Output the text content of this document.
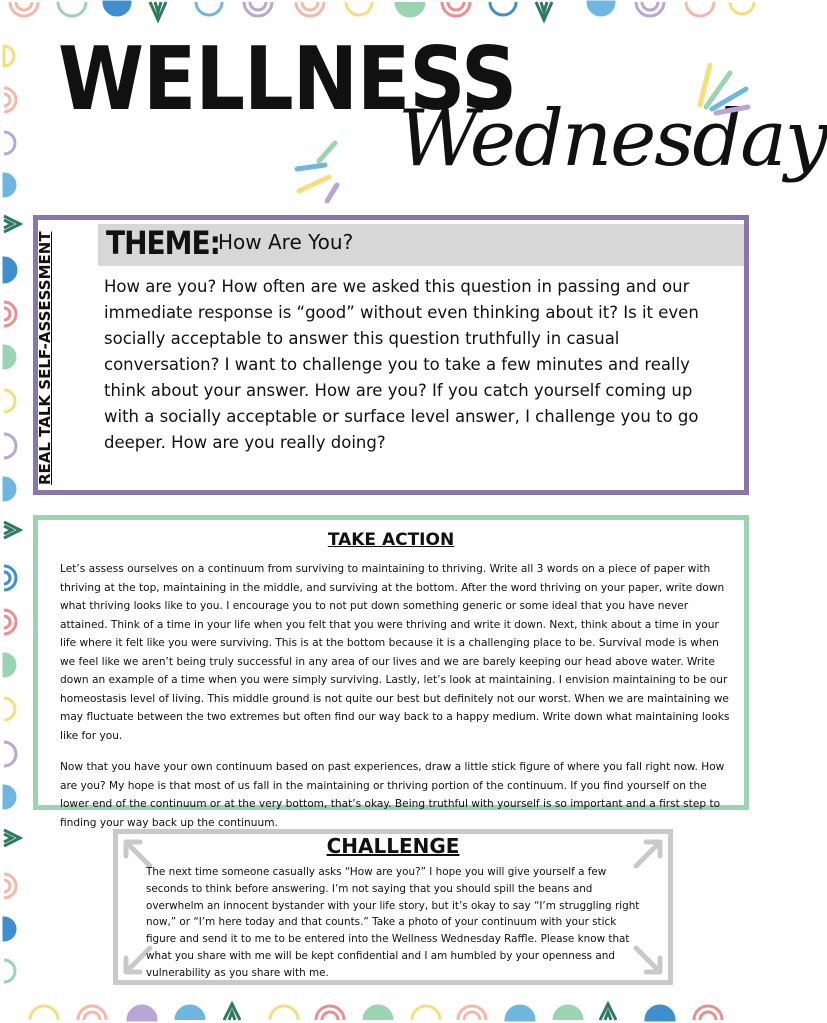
WELLNESS
Wednesday
THEME:
How Are You?
REAL TALK SELF-ASSESSMENT	How are you? How often are we asked this question in passing and our immediate response is “good” without even thinking about it? Is it even socially acceptable to answer this question truthfully in casual conversation? I want to challenge you to take a few minutes and really think about your answer. How are you? If you catch yourself coming up with a socially acceptable or surface level answer, I challenge you to go deeper. How are you really doing?
TAKE ACTION

Let’s assess ourselves on a continuum from surviving to maintaining to thriving. Write all 3 words on a piece of paper with thriving at the top, maintaining in the middle, and surviving at the bottom. After the word thriving on your paper, write down what thriving looks like to you. I encourage you to not put down something generic or some ideal that you have never attained. Think of a time in your life when you felt that you were thriving and write it down. Next, think about a time in your life where it felt like you were surviving. This is at the bottom because it is a challenging place to be. Survival mode is when we feel like we aren’t being truly successful in any area of our lives and we are barely keeping our head above water. Write down an example of a time when you were simply surviving. Lastly, let’s look at maintaining. I envision maintaining to be our homeostasis level of living. This middle ground is not quite our best but definitely not our worst. When we are maintaining we may fluctuate between the two extremes but often find our way back to a happy medium. Write down what maintaining looks like for you.

Now that you have your own continuum based on past experiences, draw a little stick figure of where you fall right now. How are you? My hope is that most of us fall in the maintaining or thriving portion of the continuum. If you find yourself on the lower end of the continuum or at the very bottom, that’s okay. Being truthful with yourself is so important and a first step to finding your way back up the continuum.

CHALLENGE
The next time someone casually asks “How are you?” I hope you will give yourself a few seconds to think before answering. I’m not saying that you should spill the beans and overwhelm an innocent bystander with your life story, but it’s okay to say “I’m struggling right now,” or “I’m here today and that counts.” Take a photo of your continuum with your stick figure and send it to me to be entered into the Wellness Wednesday Raffle. Please know that what you share with me will be kept confidential and I am humbled by your openness and vulnerability as you share with me.
